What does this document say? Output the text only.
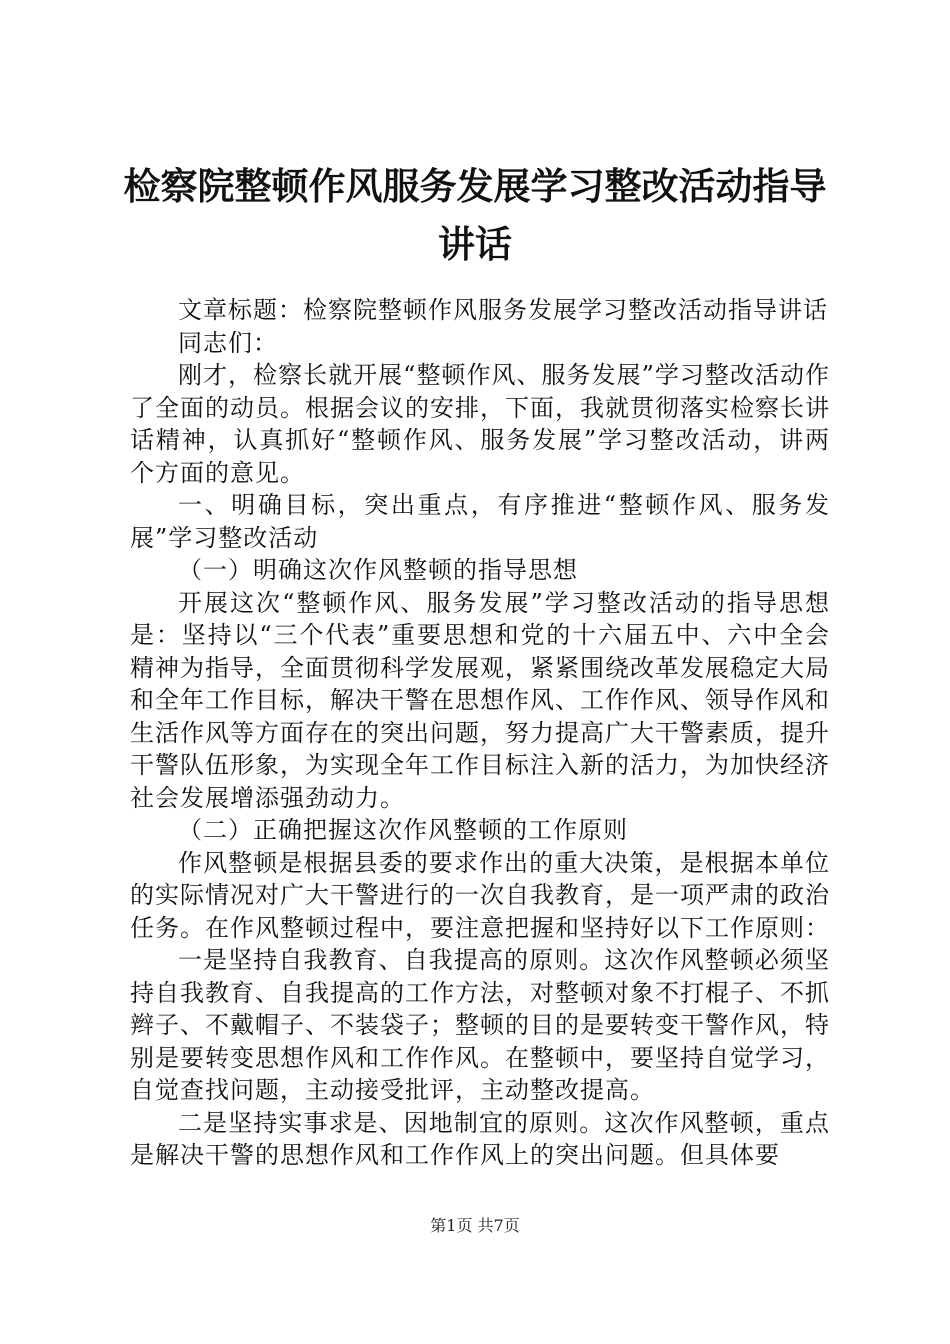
检察院整顿作风服务发展学习整改活动指导讲话

文章标题：检察院整顿作风服务发展学习整改活动指导讲话

同志们：

刚才，检察长就开展“整顿作风、服务发展”学习整改活动作了全面的动员。根据会议的安排，下面，我就贯彻落实检察长讲话精神，认真抓好“整顿作风、服务发展”学习整改活动，讲两个方面的意见。

一、明确目标，突出重点，有序推进“整顿作风、服务发展”学习整改活动

（一）明确这次作风整顿的指导思想

开展这次“整顿作风、服务发展”学习整改活动的指导思想是：坚持以“三个代表”重要思想和党的十六届五中、六中全会精神为指导，全面贯彻科学发展观，紧紧围绕改革发展稳定大局和全年工作目标，解决干警在思想作风、工作作风、领导作风和生活作风等方面存在的突出问题，努力提高广大干警素质，提升干警队伍形象，为实现全年工作目标注入新的活力，为加快经济社会发展增添强劲动力。

（二）正确把握这次作风整顿的工作原则

作风整顿是根据县委的要求作出的重大决策，是根据本单位的实际情况对广大干警进行的一次自我教育，是一项严肃的政治任务。在作风整顿过程中，要注意把握和坚持好以下工作原则：

一是坚持自我教育、自我提高的原则。这次作风整顿必须坚持自我教育、自我提高的工作方法，对整顿对象不打棍子、不抓辫子、不戴帽子、不装袋子；整顿的目的是要转变干警作风，特别是要转变思想作风和工作作风。在整顿中，要坚持自觉学习，自觉查找问题，主动接受批评，主动整改提高。

二是坚持实事求是、因地制宜的原则。这次作风整顿，重点是解决干警的思想作风和工作作风上的突出问题。但具体要

第1页 共7页
